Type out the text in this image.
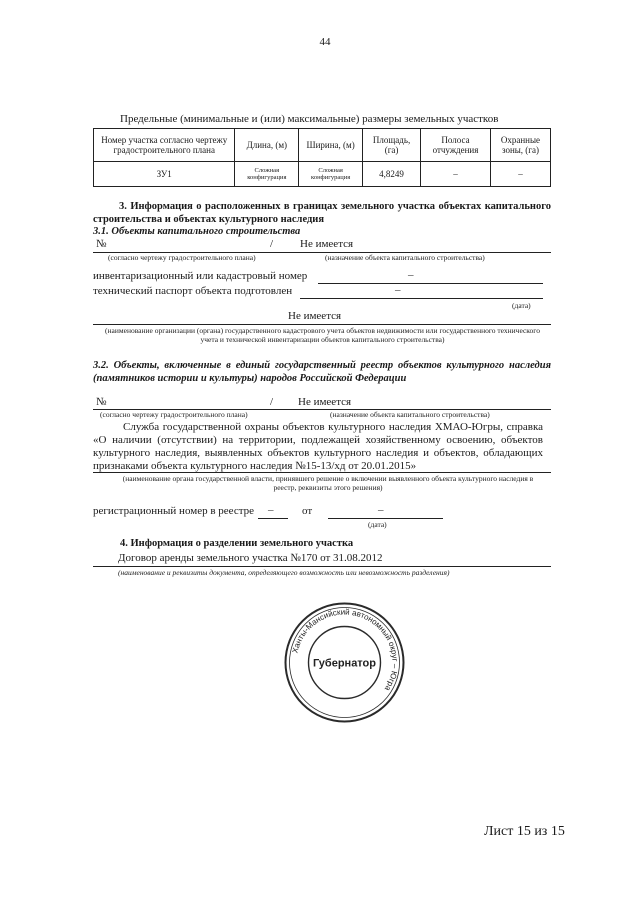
44
Предельные (минимальные и (или) максимальные) размеры земельных участков
Номер участка согласно чертежу градостроительного плана	Длина, (м)	Ширина, (м)	Площадь, (га)	Полоса отчуждения	Охранные зоны, (га)
ЗУ1	Сложная конфигурация	Сложная конфигурация	4,8249	–	–
3. Информация о расположенных в границах земельного участка объектах капитального строительства и объектах культурного наследия
3.1. Объекты капитального строительства
№	/ Не имеется
(согласно чертежу градостроительного плана)	(назначение объекта капитального строительства)
инвентаризационный или кадастровый номер	–
технический паспорт объекта подготовлен	–
(дата)
Не имеется
(наименование организации (органа) государственного кадастрового учета объектов недвижимости или государственного технического учета и технической инвентаризации объектов капитального строительства)
3.2. Объекты, включенные в единый государственный реестр объектов культурного наследия (памятников истории и культуры) народов Российской Федерации
№	/ Не имеется
(согласно чертежу градостроительного плана)	(назначение объекта капитального строительства)
Служба государственной охраны объектов культурного наследия ХМАО-Югры, справка «О наличии (отсутствии) на территории, подлежащей хозяйственному освоению, объектов культурного наследия, выявленных объектов культурного наследия и объектов, обладающих признаками объекта культурного наследия №15-13/хд от 20.01.2015»
(наименование органа государственной власти, принявшего решение о включении выявленного объекта культурного наследия в реестр, реквизиты этого решения)
регистрационный номер в реестре –	от	–
(дата)
4. Информация о разделении земельного участка
Договор аренды земельного участка №170 от 31.08.2012
(наименование и реквизиты документа, определяющего возможность или невозможность разделения)
Ханты-Мансийский автономный округ – Югра
Губернатор
Лист 15 из 15
